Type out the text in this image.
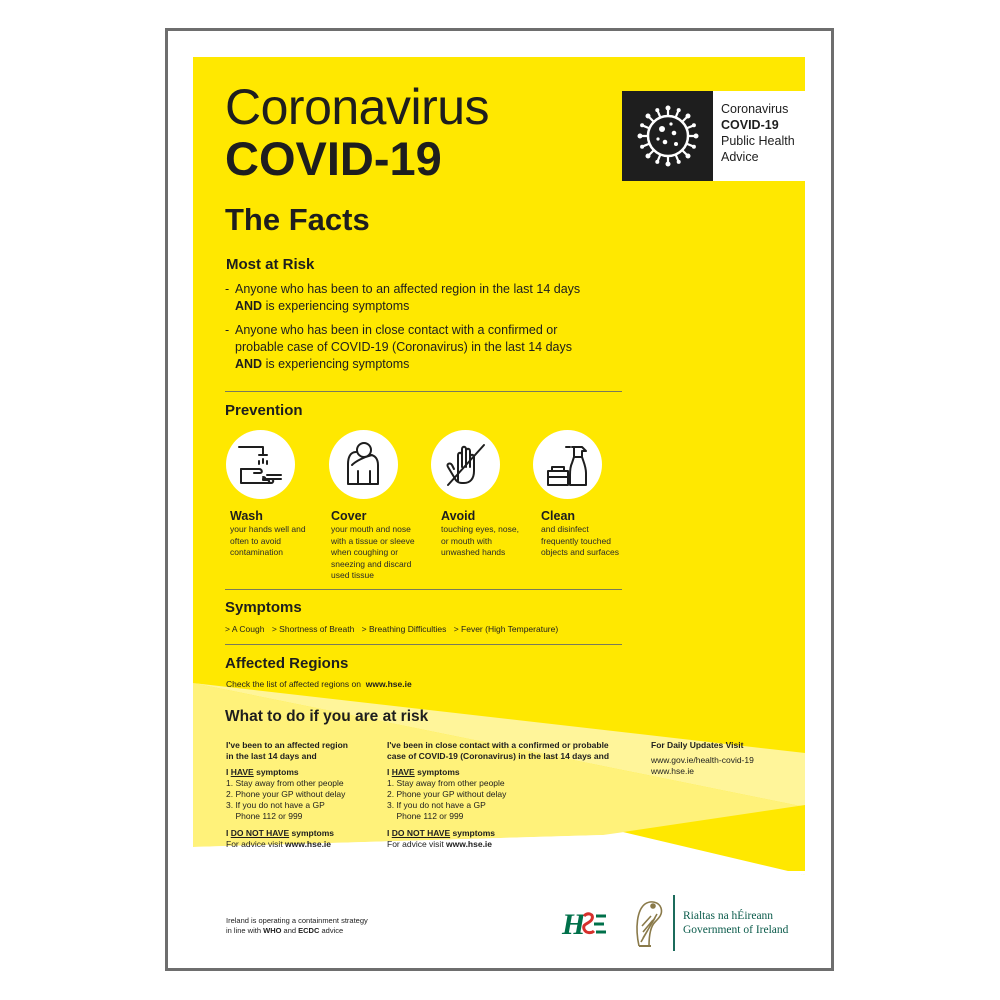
Coronavirus
COVID-19
The Facts
Coronavirus
COVID-19
Public Health
Advice
Most at Risk
- Anyone who has been to an affected region in the last 14 days
AND is experiencing symptoms
- Anyone who has been in close contact with a confirmed or
probable case of COVID-19 (Coronavirus) in the last 14 days
AND is experiencing symptoms
Prevention
Wash
your hands well and
often to avoid
contamination
Cover
your mouth and nose
with a tissue or sleeve
when coughing or
sneezing and discard
used tissue
Avoid
touching eyes, nose,
or mouth with
unwashed hands
Clean
and disinfect
frequently touched
objects and surfaces
Symptoms
> A Cough > Shortness of Breath > Breathing Difficulties > Fever (High Temperature)
Affected Regions
Check the list of affected regions on www.hse.ie
What to do if you are at risk
I've been to an affected region
in the last 14 days and
I HAVE symptoms
1. Stay away from other people
2. Phone your GP without delay
3. If you do not have a GP
Phone 112 or 999
I DO NOT HAVE symptoms
For advice visit www.hse.ie
I've been in close contact with a confirmed or probable
case of COVID-19 (Coronavirus) in the last 14 days and
I HAVE symptoms
1. Stay away from other people
2. Phone your GP without delay
3. If you do not have a GP
Phone 112 or 999
I DO NOT HAVE symptoms
For advice visit www.hse.ie
For Daily Updates Visit
www.gov.ie/health-covid-19
www.hse.ie
Ireland is operating a containment strategy
in line with WHO and ECDC advice	H	Rialtas na hÉireann
Government of Ireland
